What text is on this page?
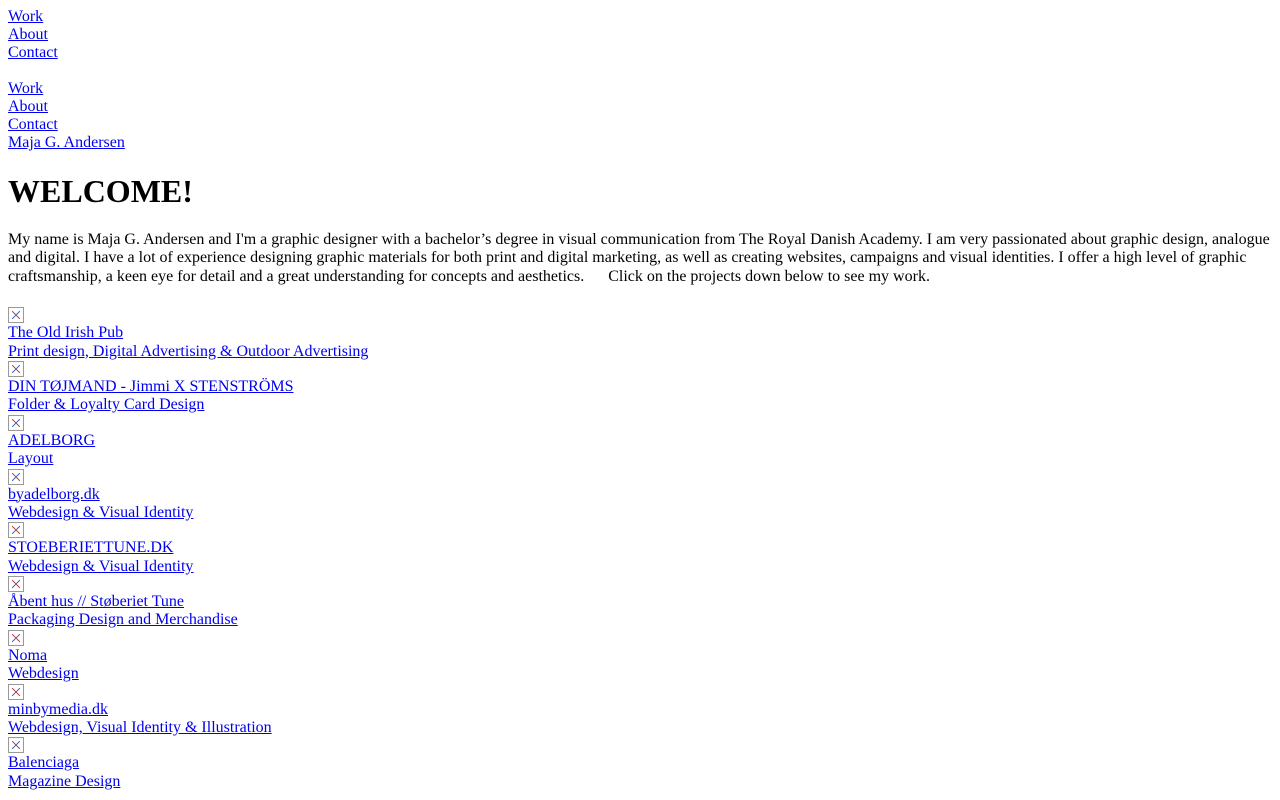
Work
About
Contact
Work
About
Contact
Maja G. Andersen
WELCOME!

My name is Maja G. Andersen and I'm a graphic designer with a bachelor’s degree in visual communication from The Royal Danish Academy. I am very passionated about graphic design, analogue and digital. I have a lot of experience designing graphic materials for both print and digital marketing, as well as creating websites, campaigns and visual identities. I offer a high level of graphic craftsmanship, a keen eye for detail and a great understanding for concepts and aesthetics. Click on the projects down below to see my work.

The Old Irish Pub
Print design, Digital Advertising & Outdoor Advertising
DIN TØJMAND - Jimmi X STENSTRÖMS
Folder & Loyalty Card Design
ADELBORG
Layout
byadelborg.dk
Webdesign & Visual Identity
STOEBERIETTUNE.DK
Webdesign & Visual Identity
Åbent hus // Støberiet Tune
Packaging Design and Merchandise
Noma
Webdesign
minbymedia.dk
Webdesign, Visual Identity & Illustration
Balenciaga
Magazine Design
